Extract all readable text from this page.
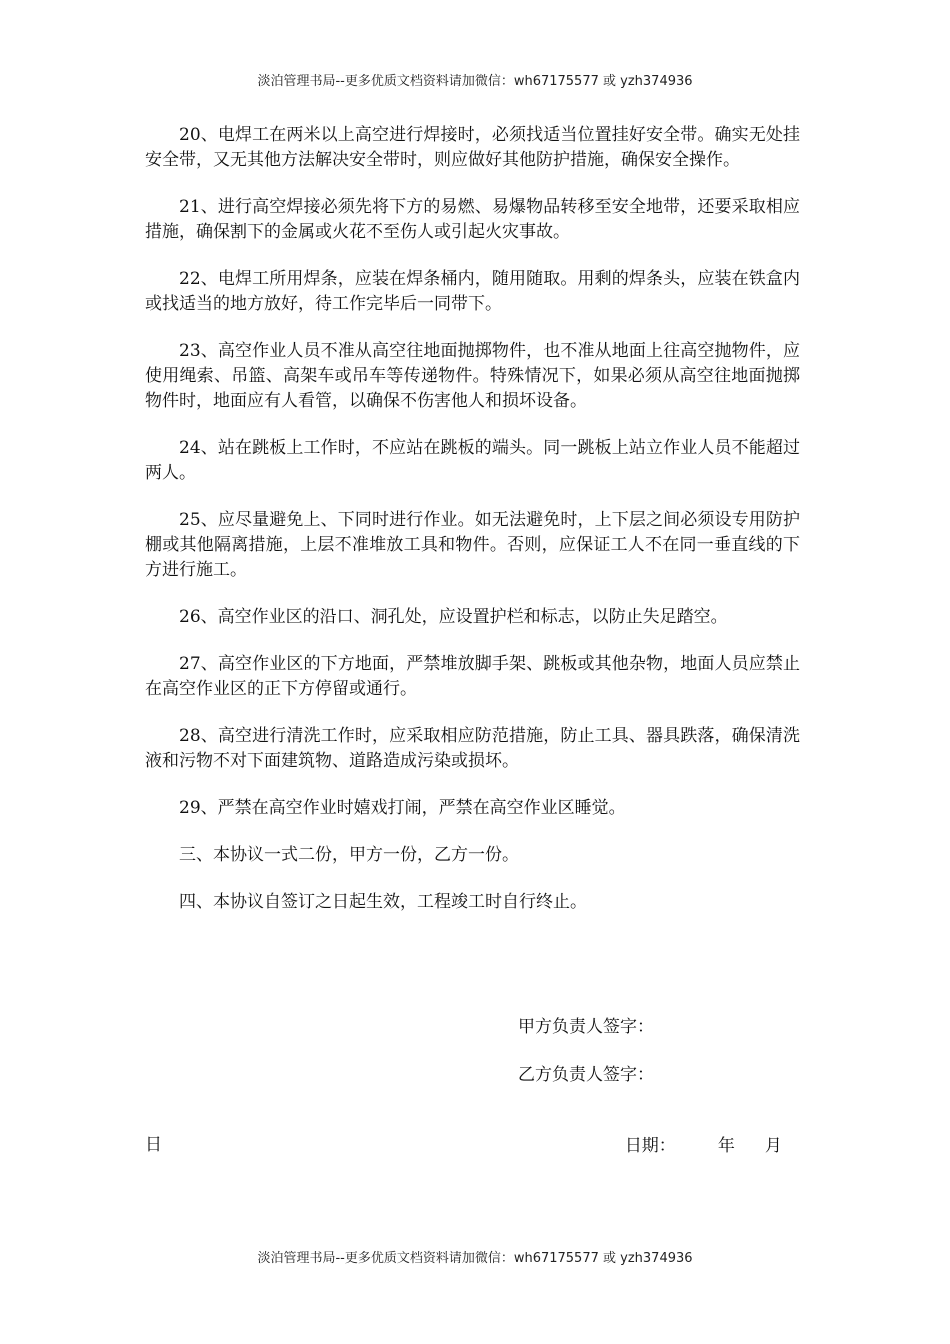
淡泊管理书局--更多优质文档资料请加微信：wh67175577 或 yzh374936

20、电焊工在两米以上高空进行焊接时，必须找适当位置挂好安全带。确实无处挂安全带，又无其他方法解决安全带时，则应做好其他防护措施，确保安全操作。

21、进行高空焊接必须先将下方的易燃、易爆物品转移至安全地带，还要采取相应措施，确保割下的金属或火花不至伤人或引起火灾事故。

22、电焊工所用焊条，应装在焊条桶内，随用随取。用剩的焊条头，应装在铁盒内或找适当的地方放好，待工作完毕后一同带下。

23、高空作业人员不准从高空往地面抛掷物件，也不准从地面上往高空抛物件，应使用绳索、吊篮、高架车或吊车等传递物件。特殊情况下，如果必须从高空往地面抛掷物件时，地面应有人看管，以确保不伤害他人和损坏设备。

24、站在跳板上工作时，不应站在跳板的端头。同一跳板上站立作业人员不能超过两人。

25、应尽量避免上、下同时进行作业。如无法避免时，上下层之间必须设专用防护棚或其他隔离措施，上层不准堆放工具和物件。否则，应保证工人不在同一垂直线的下方进行施工。

26、高空作业区的沿口、洞孔处，应设置护栏和标志，以防止失足踏空。

27、高空作业区的下方地面，严禁堆放脚手架、跳板或其他杂物，地面人员应禁止在高空作业区的正下方停留或通行。

28、高空进行清洗工作时，应采取相应防范措施，防止工具、器具跌落，确保清洗液和污物不对下面建筑物、道路造成污染或损坏。

29、严禁在高空作业时嬉戏打闹，严禁在高空作业区睡觉。

三、本协议一式二份，甲方一份，乙方一份。

四、本协议自签订之日起生效，工程竣工时自行终止。

甲方负责人签字：
乙方负责人签字：

日期： 年 月

日
淡泊管理书局--更多优质文档资料请加微信：wh67175577 或 yzh374936
